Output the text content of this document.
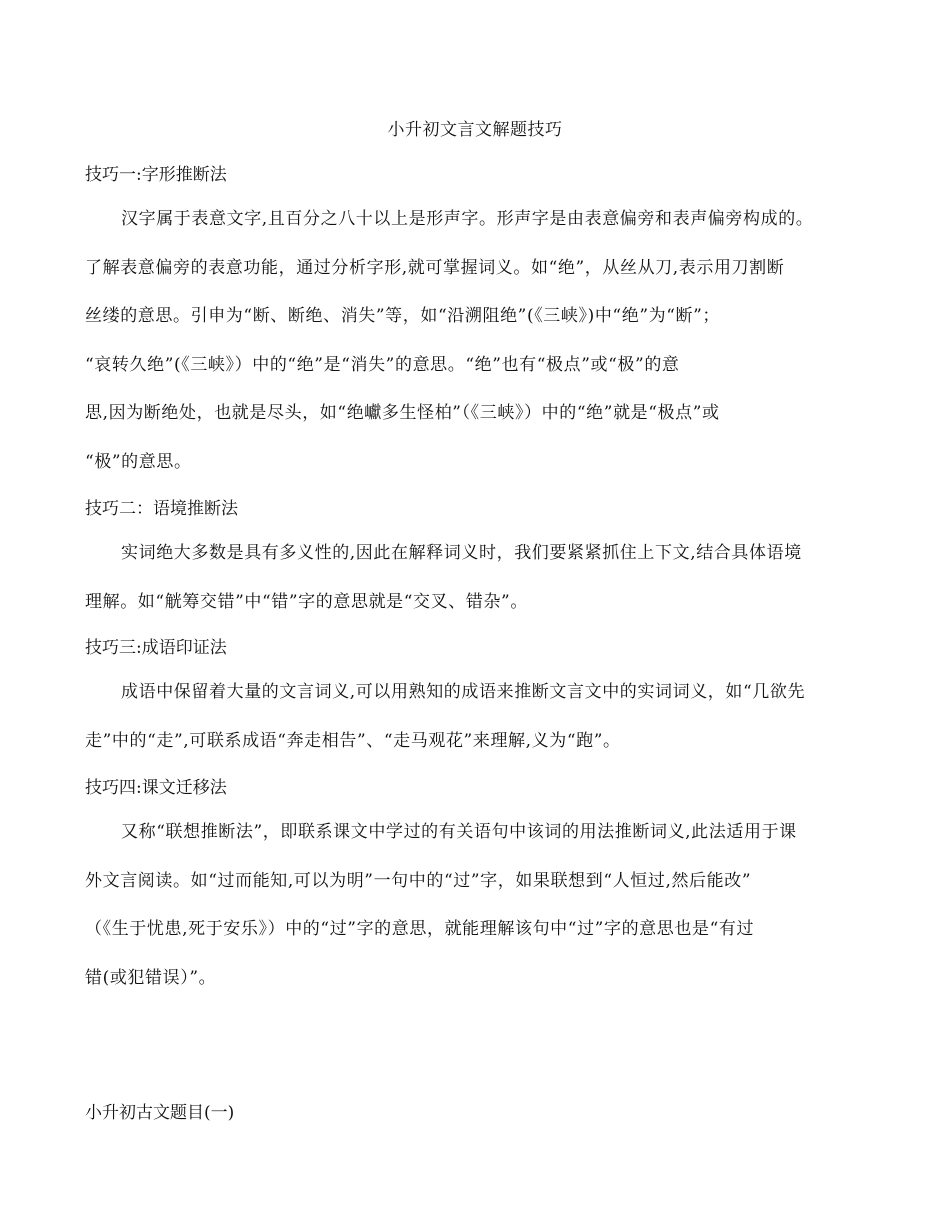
小升初文言文解题技巧
技巧一:字形推断法
汉字属于表意文字,且百分之八十以上是形声字。形声字是由表意偏旁和表声偏旁构成的。
了解表意偏旁的表意功能，通过分析字形,就可掌握词义。如“绝”，从丝从刀,表示用刀割断
丝缕的意思。引申为“断、断绝、消失”等，如“沿溯阻绝”(《三峡》)中“绝”为“断”；
“哀转久绝”(《三峡》）中的“绝”是“消失”的意思。“绝”也有“极点”或“极”的意
思,因为断绝处，也就是尽头，如“绝巘多生怪柏”（《三峡》）中的“绝”就是“极点”或
“极”的意思。
技巧二：语境推断法
实词绝大多数是具有多义性的,因此在解释词义时，我们要紧紧抓住上下文,结合具体语境
理解。如“觥筹交错”中“错”字的意思就是“交叉、错杂”。
技巧三:成语印证法
成语中保留着大量的文言词义,可以用熟知的成语来推断文言文中的实词词义，如“几欲先
走”中的“走”,可联系成语“奔走相告”、“走马观花”来理解,义为“跑”。
技巧四:课文迁移法
又称“联想推断法”，即联系课文中学过的有关语句中该词的用法推断词义,此法适用于课
外文言阅读。如“过而能知,可以为明”一句中的“过”字，如果联想到“人恒过,然后能改”
（《生于忧患,死于安乐》）中的“过”字的意思，就能理解该句中“过”字的意思也是“有过
错(或犯错误）”。
小升初古文题目(一)
